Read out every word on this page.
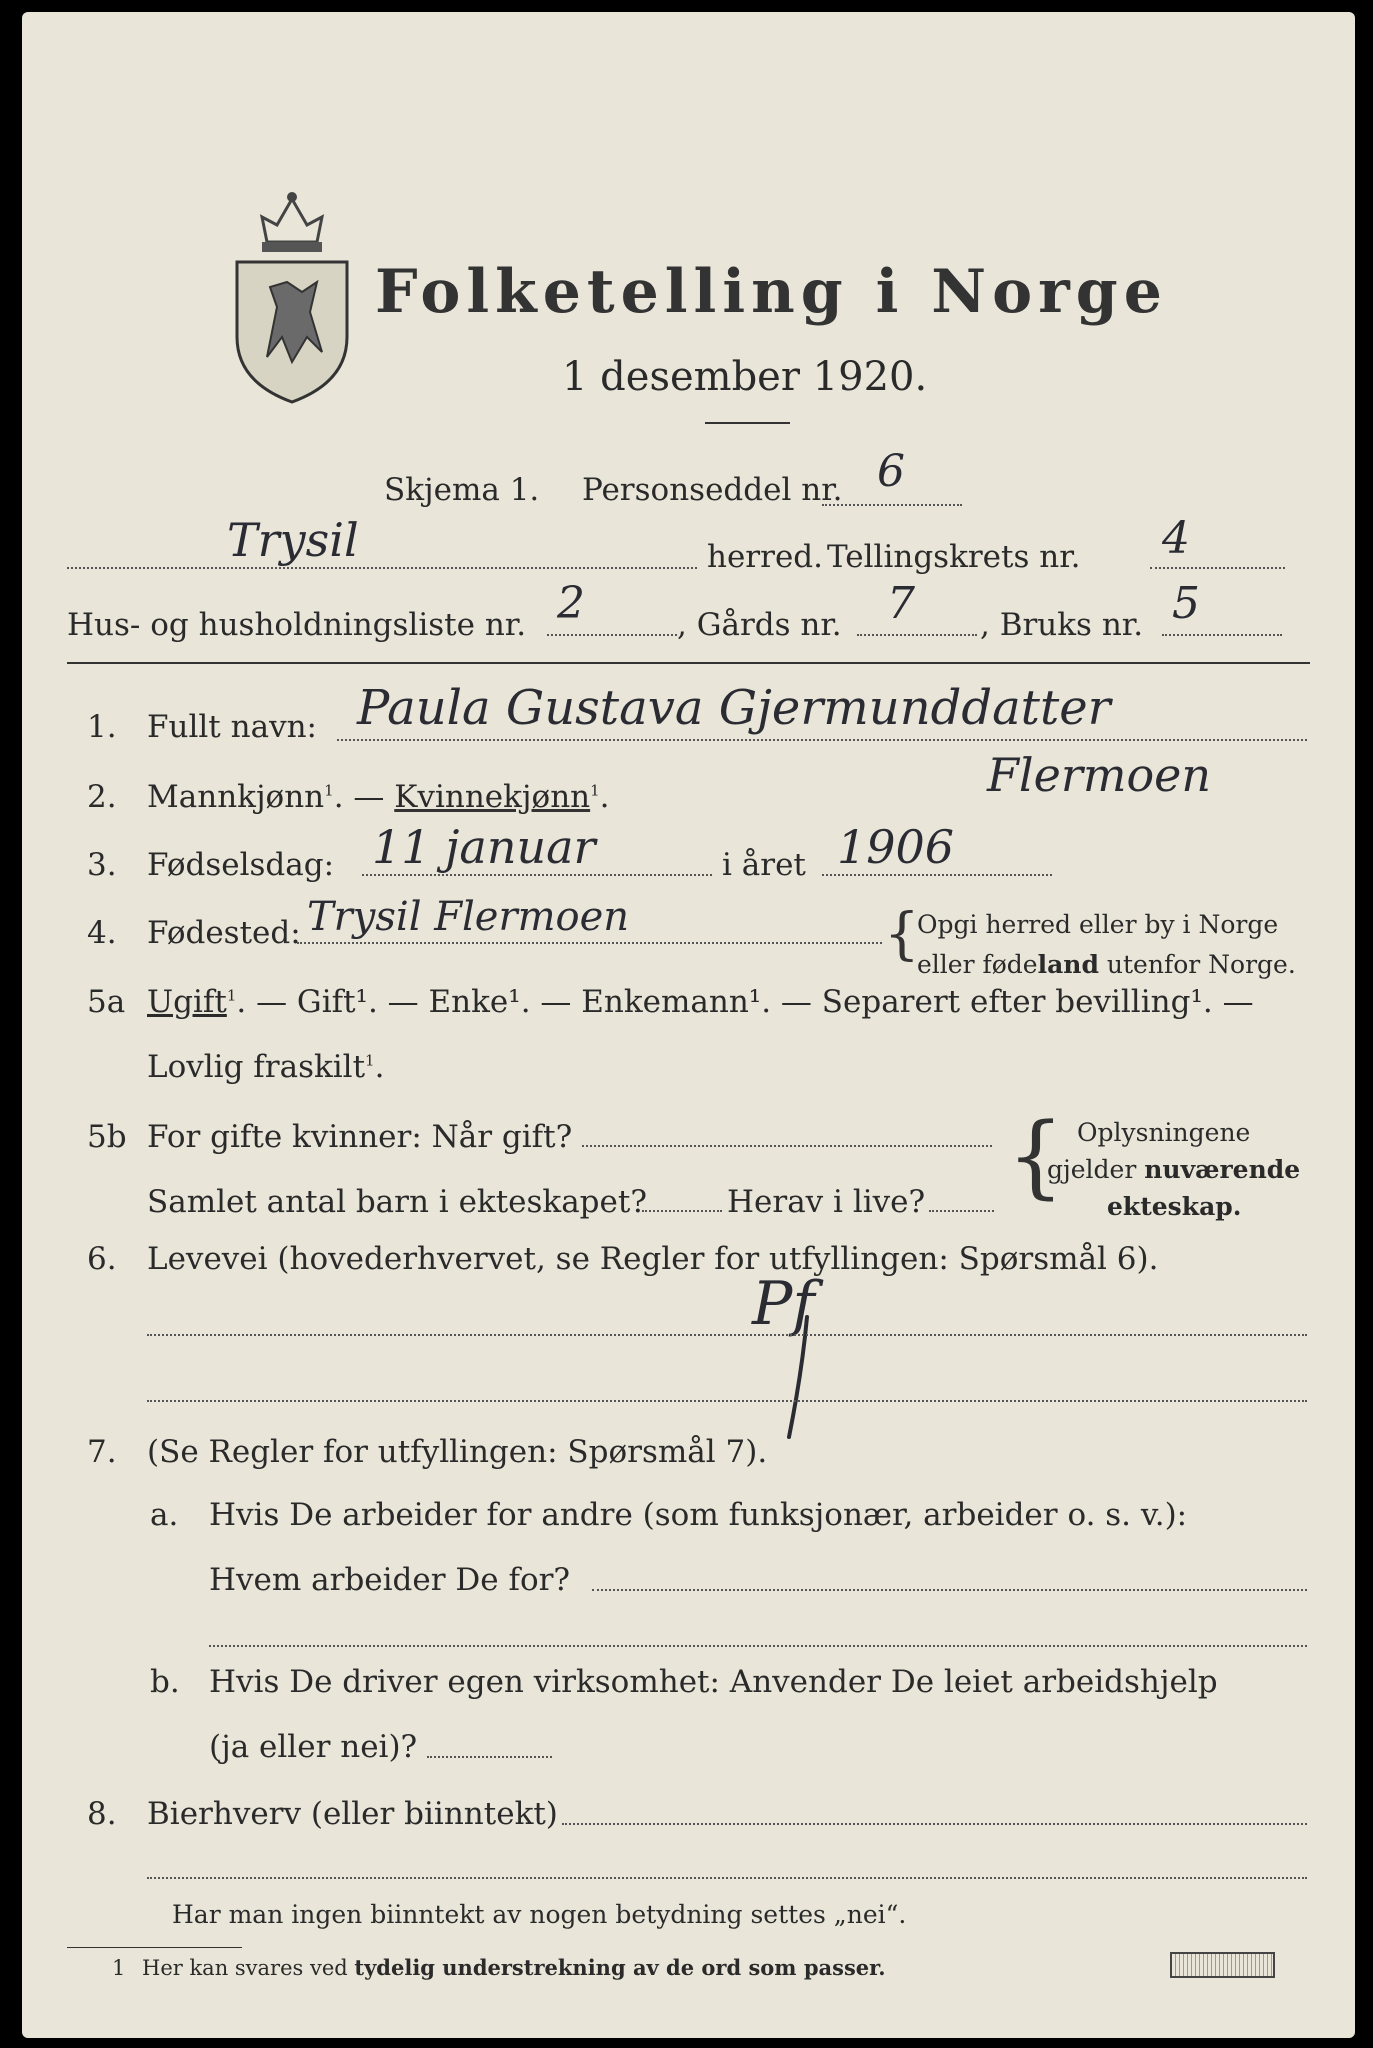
Folketelling i Norge
1 desember 1920.
Skjema 1. Personseddel nr. 6
Trysil	herred. Tellingskrets nr. 4
Hus- og husholdningsliste nr. 2	, Gårds nr. 7 , Bruks nr. 5
1. Fullt navn: Paula Gustava Gjermunddatter
Flermoen
2. Mannkjønn$^1$. — Kvinnekjønn$^1$.
3. Fødselsdag: 11 januar	i året 1906
4. Fødested: Trysil Flermoen	{
Opgi herred eller by i Norge
eller fødeland utenfor Norge.
5a Ugift$^1$. — Gift¹. — Enke¹. — Enkemann¹. — Separert efter bevilling¹. —
Lovlig fraskilt$^1$.
5b For gifte kvinner: Når gift?
Samlet antal barn i ekteskapet?	Herav i live? { Oplysningene
gjelder nuværende
ekteskap.
6. Levevei (hovederhvervet, se Regler for utfyllingen: Spørsmål 6).
Pf
7. (Se Regler for utfyllingen: Spørsmål 7).
a. Hvis De arbeider for andre (som funksjonær, arbeider o. s. v.):
Hvem arbeider De for?
b. Hvis De driver egen virksomhet: Anvender De leiet arbeidshjelp
(ja eller nei)?
8. Bierhverv (eller biinntekt)
Har man ingen biinntekt av nogen betydning settes „nei“.
1 Her kan svares ved tydelig understrekning av de ord som passer.
